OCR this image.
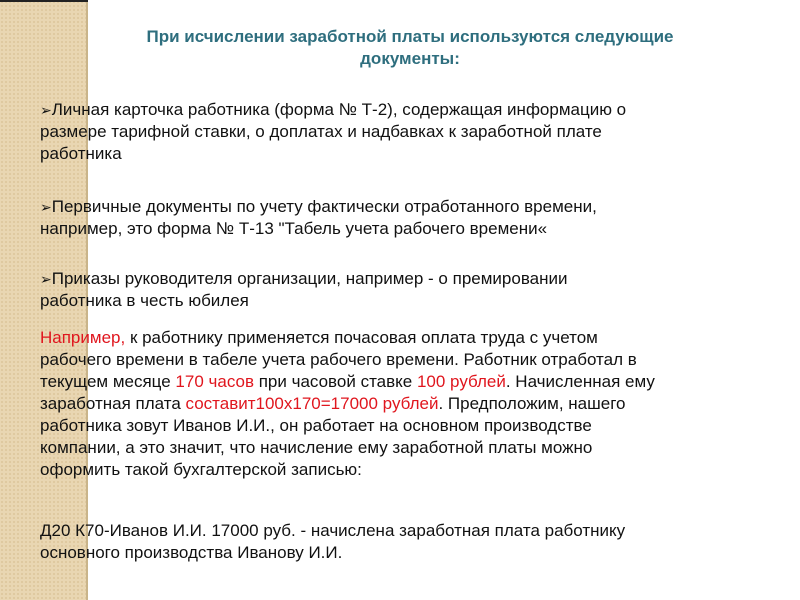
При исчислении заработной платы используются следующие
документы:
➢Личная карточка работника (форма № Т-2), содержащая информацию о
размере тарифной ставки, о доплатах и надбавках к заработной плате
работника
➢Первичные документы по учету фактически отработанного времени,
например, это форма № Т-13 "Табель учета рабочего времени«
➢Приказы руководителя организации, например - о премировании
работника в честь юбилея
Например, к работнику применяется почасовая оплата труда с учетом
рабочего времени в табеле учета рабочего времени. Работник отработал в
текущем месяце 170 часов при часовой ставке 100 рублей. Начисленная ему
заработная плата составит100х170=17000 рублей. Предположим, нашего
работника зовут Иванов И.И., он работает на основном производстве
компании, а это значит, что начисление ему заработной платы можно
оформить такой бухгалтерской записью:
Д20 К70-Иванов И.И. 17000 руб. - начислена заработная плата работнику
основного производства Иванову И.И.
